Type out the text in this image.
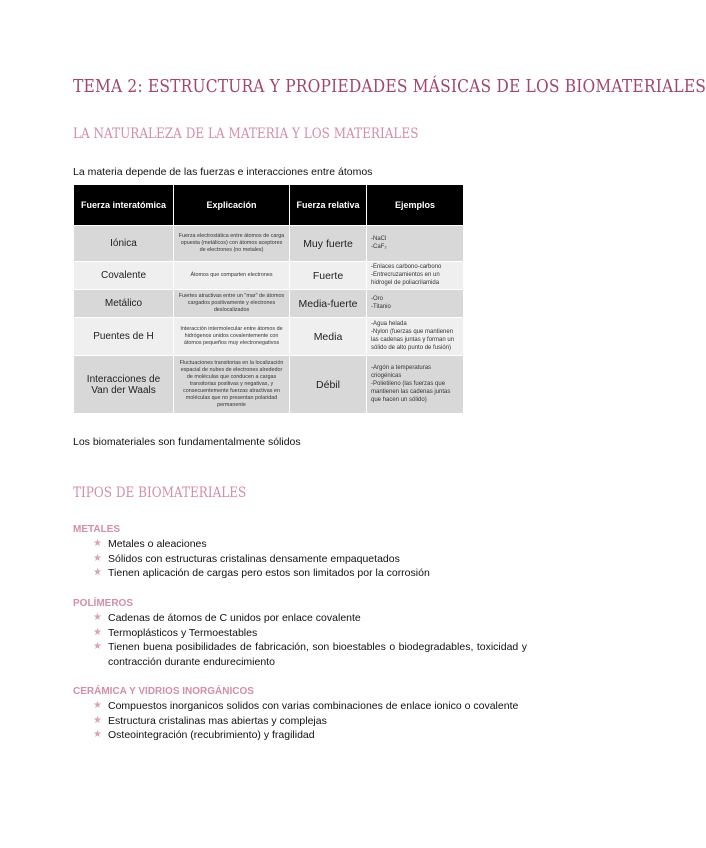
TEMA 2: ESTRUCTURA Y PROPIEDADES MÁSICAS DE LOS BIOMATERIALES
LA NATURALEZA DE LA MATERIA Y LOS MATERIALES
La materia depende de las fuerzas e interacciones entre átomos
Fuerza interatómica	Explicación	Fuerza relativa	Ejemplos
Iónica	Fuerza electrostática entre átomos de carga opuesta (metálicos) con átomos aceptores de electrones (no metales)	Muy fuerte	-NaCl
-CaF₂

Covalente	Átomos que comparten electrones	Fuerte	-Enlaces carbono-carbono
-Entrecruzamientos en un hidrogel de poliacrilamida

Metálico	Fuertes atractivas entre un "mar" de átomos cargados positivamente y electrones deslocalizados	Media-fuerte	-Oro
-Titanio

Puentes de H	Interacción intermolecular entre átomos de hidrógenos unidos covalentemente con átomos pequeños muy electronegativos	Media	-Agua helada
-Nylon (fuerzas que mantienen las cadenas juntas y forman un sólido de alto punto de fusión)

Interacciones de Van der Waals	Fluctuaciones transitorias en la localización espacial de nubes de electrones alrededor de moléculas que conducen a cargas transitorias positivas y negativas, y consecuentemente fuerzas atractivas en moléculas que no presentan polaridad permanente	Débil	-Argón a temperaturas criogénicas
-Polietileno (las fuerzas que mantienen las cadenas juntas que hacen un sólido)
Los biomateriales son fundamentalmente sólidos
TIPOS DE BIOMATERIALES
METALES
★ Metales o aleaciones
★ Sólidos con estructuras cristalinas densamente empaquetados
★ Tienen aplicación de cargas pero estos son limitados por la corrosión
POLÍMEROS
★ Cadenas de átomos de C unidos por enlace covalente
★ Termoplásticos y Termoestables
★ Tienen buena posibilidades de fabricación, son bioestables o biodegradables, toxicidad y contracción durante endurecimiento
CERÁMICA Y VIDRIOS INORGÁNICOS
★ Compuestos inorganicos solidos con varias combinaciones de enlace ionico o covalente
★ Estructura cristalinas mas abiertas y complejas
★ Osteointegración (recubrimiento) y fragilidad
